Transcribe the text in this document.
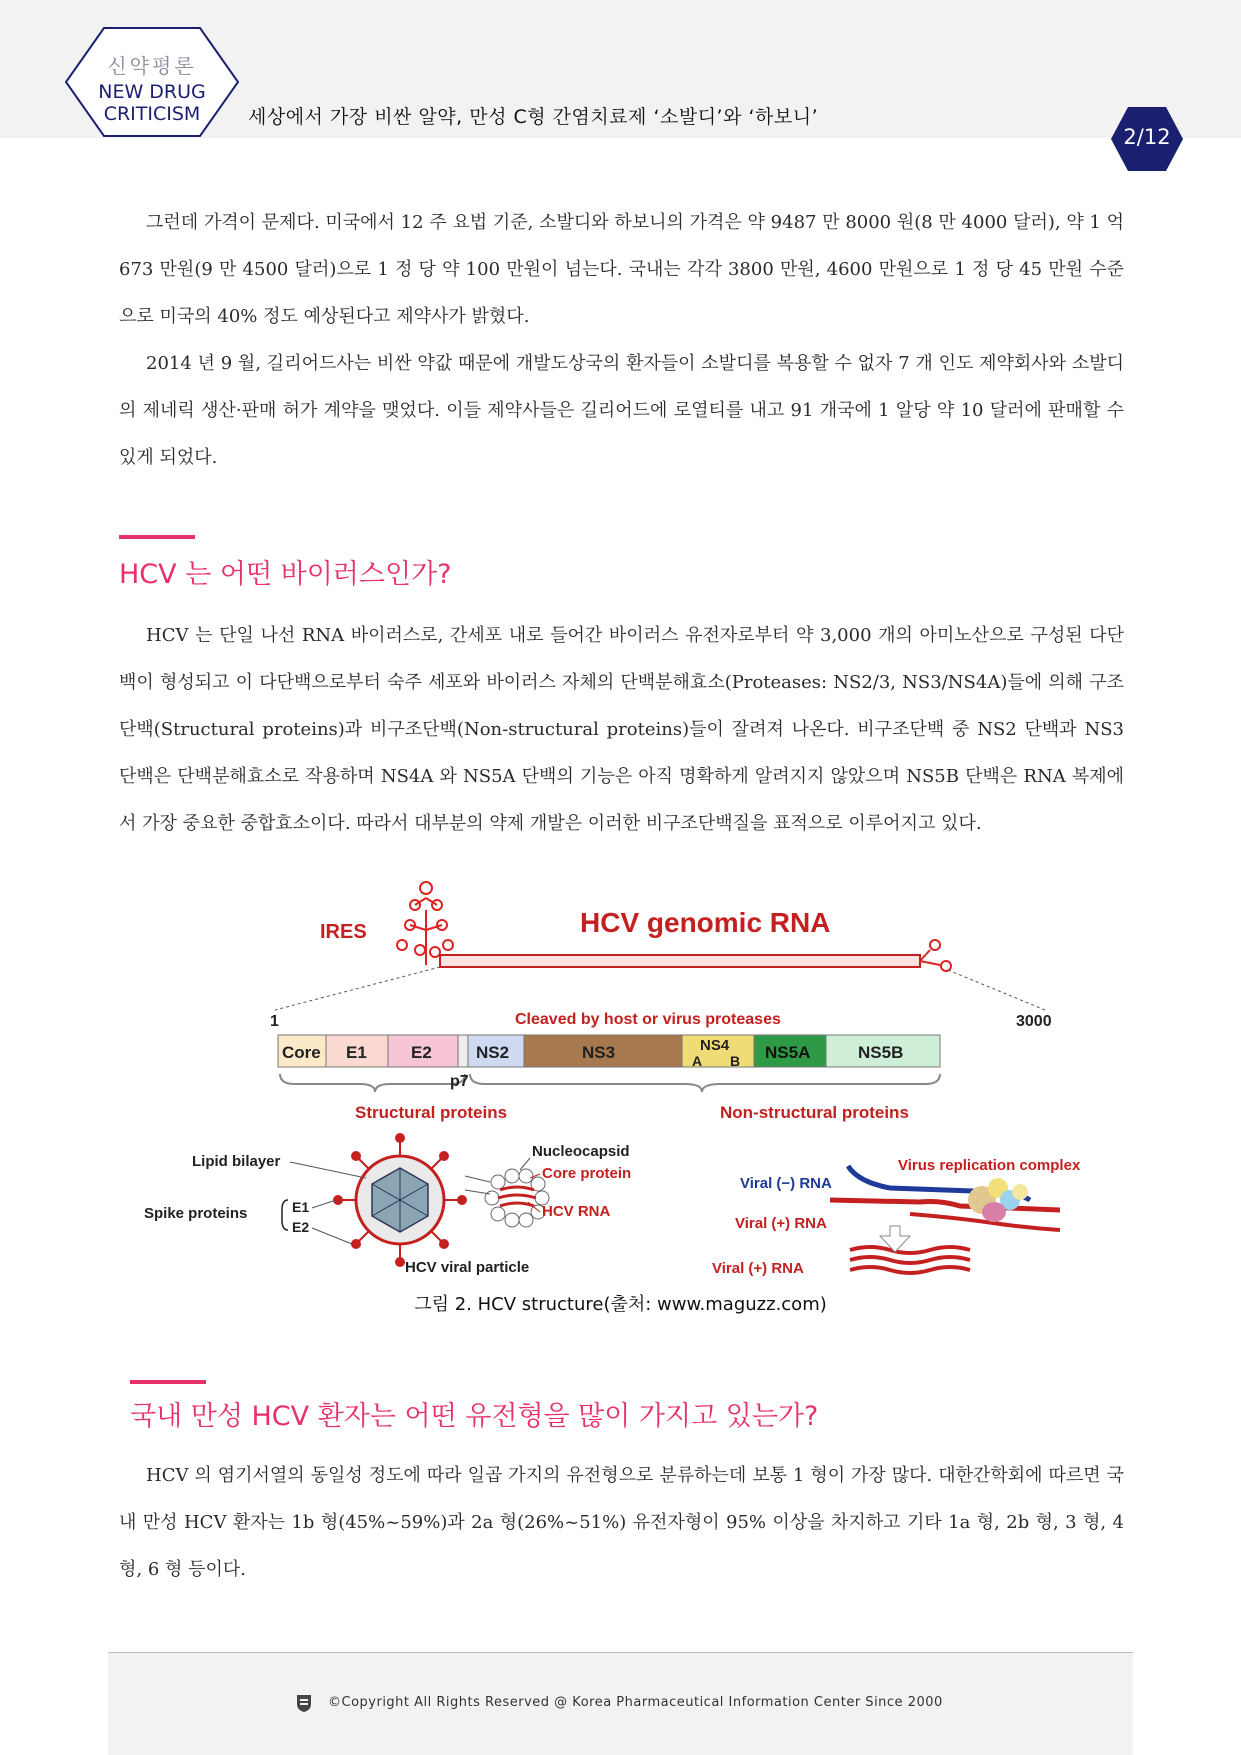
신약평론
NEW DRUG
CRITICISM	세상에서 가장 비싼 알약, 만성 C형 간염치료제 ‘소발디’와 ‘하보니’
2/12
그런데 가격이 문제다. 미국에서 12 주 요법 기준, 소발디와 하보니의 가격은 약 9487 만 8000 원(8 만 4000 달러), 약 1 억 673 만원(9 만 4500 달러)으로 1 정 당 약 100 만원이 넘는다. 국내는 각각 3800 만원, 4600 만원으로 1 정 당 45 만원 수준으로 미국의 40% 정도 예상된다고 제약사가 밝혔다.
2014 년 9 월, 길리어드사는 비싼 약값 때문에 개발도상국의 환자들이 소발디를 복용할 수 없자 7 개 인도 제약회사와 소발디의 제네릭 생산·판매 허가 계약을 맺었다. 이들 제약사들은 길리어드에 로열티를 내고 91 개국에 1 알당 약 10 달러에 판매할 수 있게 되었다.
HCV 는 어떤 바이러스인가?
HCV 는 단일 나선 RNA 바이러스로, 간세포 내로 들어간 바이러스 유전자로부터 약 3,000 개의 아미노산으로 구성된 다단백이 형성되고 이 다단백으로부터 숙주 세포와 바이러스 자체의 단백분해효소(Proteases: NS2/3, NS3/NS4A)들에 의해 구조단백(Structural proteins)과 비구조단백(Non-structural proteins)들이 잘려져 나온다. 비구조단백 중 NS2 단백과 NS3 단백은 단백분해효소로 작용하며 NS4A 와 NS5A 단백의 기능은 아직 명확하게 알려지지 않았으며 NS5B 단백은 RNA 복제에서 가장 중요한 중합효소이다. 따라서 대부분의 약제 개발은 이러한 비구조단백질을 표적으로 이루어지고 있다.
IRES	HCV genomic RNA
1	3000
Cleaved by host or virus proteases
Core E1	E2	NS2	NS3	NS4
A B NS5A	NS5B
p7
Structural proteins	Non-structural proteins
Lipid bilayer
Spike proteins	E1
E2
HCV viral particle
Nucleocapsid
Core protein
HCV RNA
Viral (−) RNA
Viral (+) RNA
Viral (+) RNA
Virus replication complex
그림 2. HCV structure(출처: www.maguzz.com)
국내 만성 HCV 환자는 어떤 유전형을 많이 가지고 있는가?
HCV 의 염기서열의 동일성 정도에 따라 일곱 가지의 유전형으로 분류하는데 보통 1 형이 가장 많다. 대한간학회에 따르면 국내 만성 HCV 환자는 1b 형(45%~59%)과 2a 형(26%~51%) 유전자형이 95% 이상을 차지하고 기타 1a 형, 2b 형, 3 형, 4 형, 6 형 등이다.
©Copyright All Rights Reserved @ Korea Pharmaceutical Information Center Since 2000
